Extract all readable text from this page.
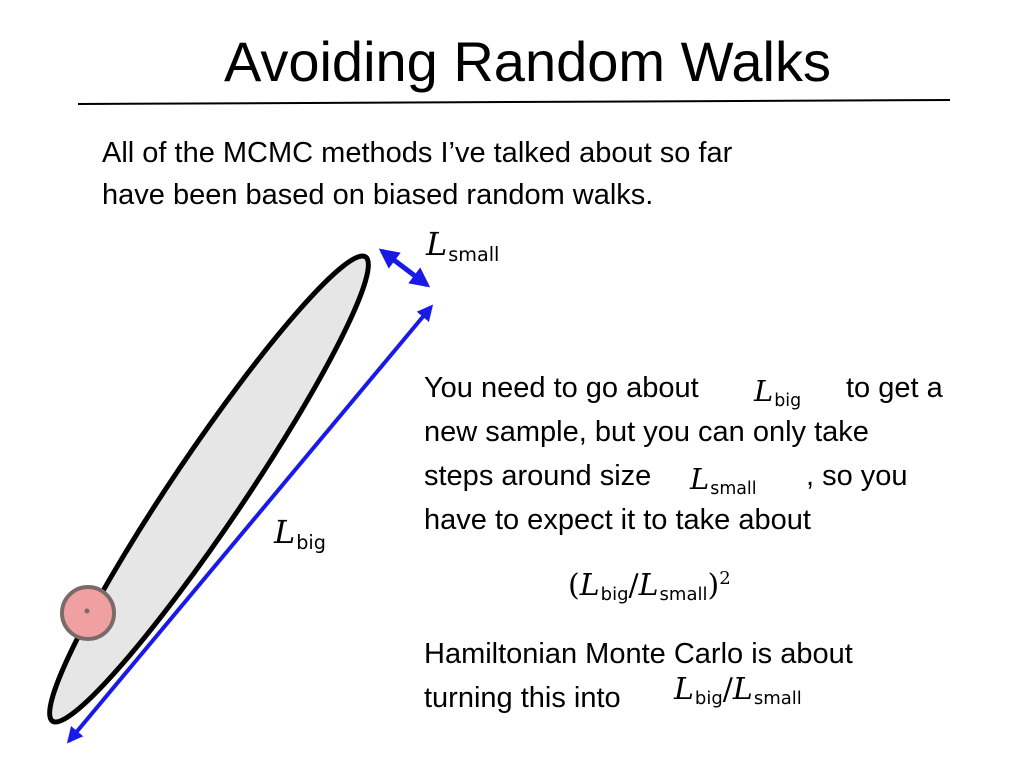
Avoiding Random Walks
All of the MCMC methods I’ve talked about so far
have been based on biased random walks.
Lsmall
Lbig
You need to go about
new sample, but you can only take
steps around size
have to expect it to take about
Lbig to get a
Lsmall , so you
(Lbig/Lsmall)$^2$
Hamiltonian Monte Carlo is about
turning this into	Lbig/Lsmall
